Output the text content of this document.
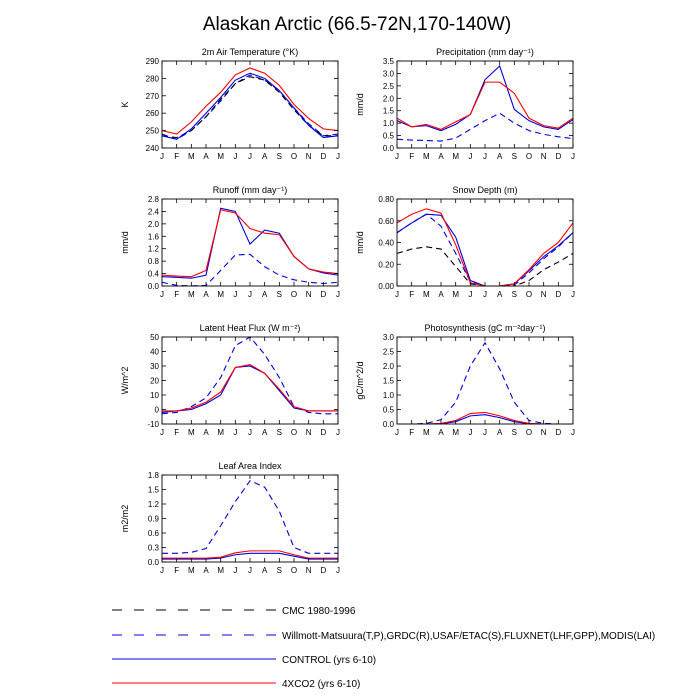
Alaskan Arctic (66.5-72N,170-140W)
2m Air Temperature (°K)
K
240
250
260
270
280
290
J F M A M J J A S O N D J
Precipitation (mm day⁻¹)
mm/d
0.0
0.5
1.0
1.5
2.0
2.5
3.0
3.5
J F M A M J J A S O N D J
Runoff (mm day⁻¹)
mm/d
0.0
0.4
0.8
1.2
1.6
2.0
2.4
2.8
J F M A M J J A S O N D J
Snow Depth (m)
mm/d
0.00
0.20
0.40
0.60
0.80
J F M A M J J A S O N D J
Latent Heat Flux (W m⁻²)
W/m^2
-10
0
10
20
30
40
50
J F M A M J J A S O N D J
Photosynthesis (gC m⁻²day⁻¹)
gC/m^2/d
0.0
0.5
1.0
1.5
2.0
2.5
3.0
J F M A M J J A S O N D J
Leaf Area Index
m2/m2
0.0
0.3
0.6
0.9
1.2
1.5
1.8
J F M A M J J A S O N D J
CMC 1980-1996
Willmott-Matsuura(T,P),GRDC(R),USAF/ETAC(S),FLUXNET(LHF,GPP),MODIS(LAI)
CONTROL (yrs 6-10)
4XCO2 (yrs 6-10)
